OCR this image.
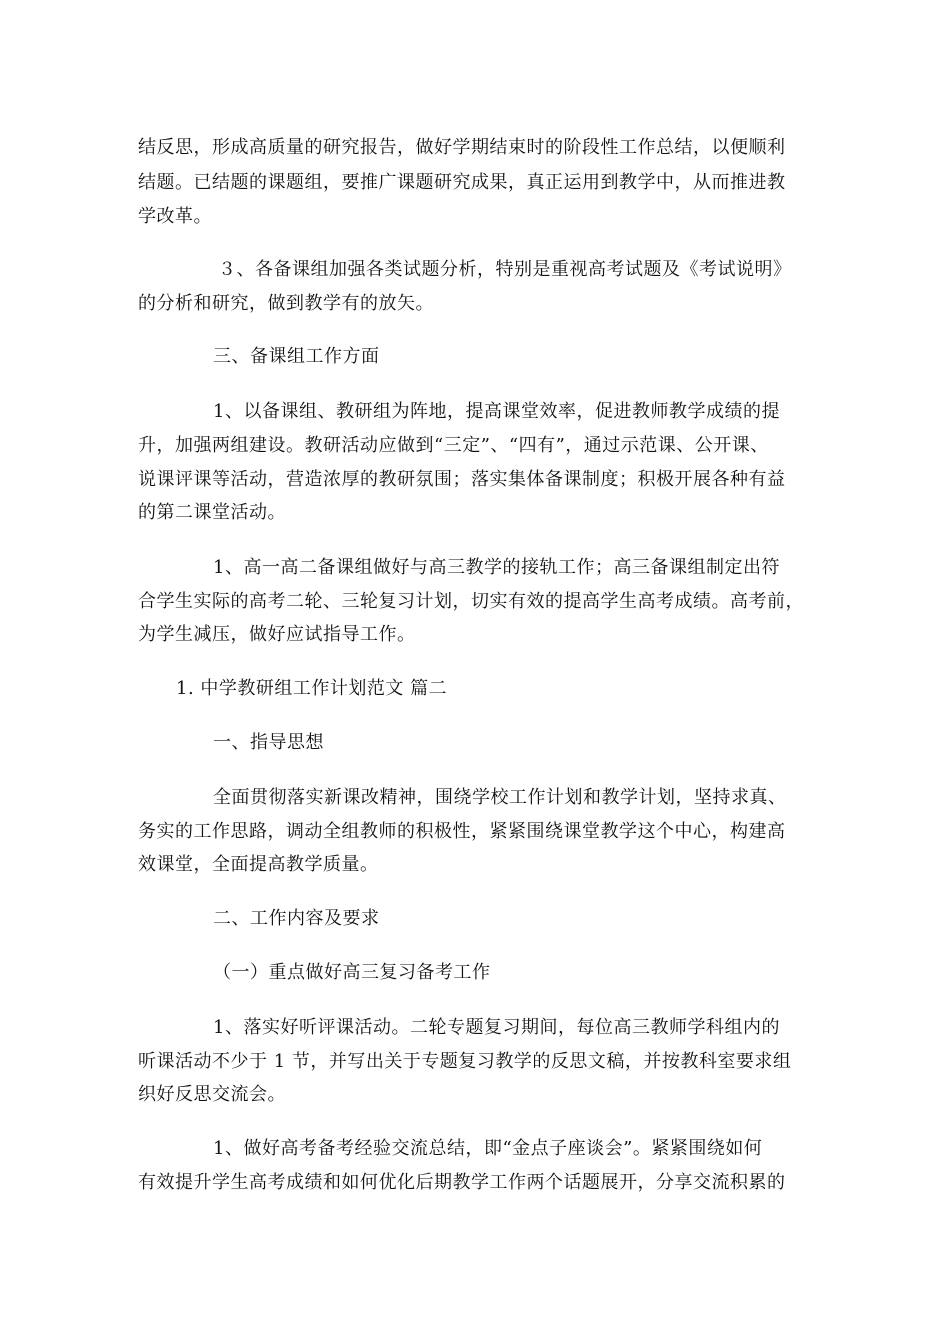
结反思，形成高质量的研究报告，做好学期结束时的阶段性工作总结，以便顺利
结题。已结题的课题组，要推广课题研究成果，真正运用到教学中，从而推进教
学改革。
３、各备课组加强各类试题分析，特别是重视高考试题及《考试说明》
的分析和研究，做到教学有的放矢。
三、备课组工作方面
1、以备课组、教研组为阵地，提高课堂效率，促进教师教学成绩的提
升，加强两组建设。教研活动应做到“三定”、“四有”，通过示范课、公开课、
说课评课等活动，营造浓厚的教研氛围；落实集体备课制度；积极开展各种有益
的第二课堂活动。
1、高一高二备课组做好与高三教学的接轨工作；高三备课组制定出符
合学生实际的高考二轮、三轮复习计划，切实有效的提高学生高考成绩。高考前，
为学生减压，做好应试指导工作。
1. 中学教研组工作计划范文 篇二
一、指导思想
全面贯彻落实新课改精神，围绕学校工作计划和教学计划，坚持求真、
务实的工作思路，调动全组教师的积极性，紧紧围绕课堂教学这个中心，构建高
效课堂，全面提高教学质量。
二、工作内容及要求
（一）重点做好高三复习备考工作
1、落实好听评课活动。二轮专题复习期间，每位高三教师学科组内的
听课活动不少于 1 节，并写出关于专题复习教学的反思文稿，并按教科室要求组
织好反思交流会。
1、做好高考备考经验交流总结，即“金点子座谈会”。紧紧围绕如何
有效提升学生高考成绩和如何优化后期教学工作两个话题展开，分享交流积累的
